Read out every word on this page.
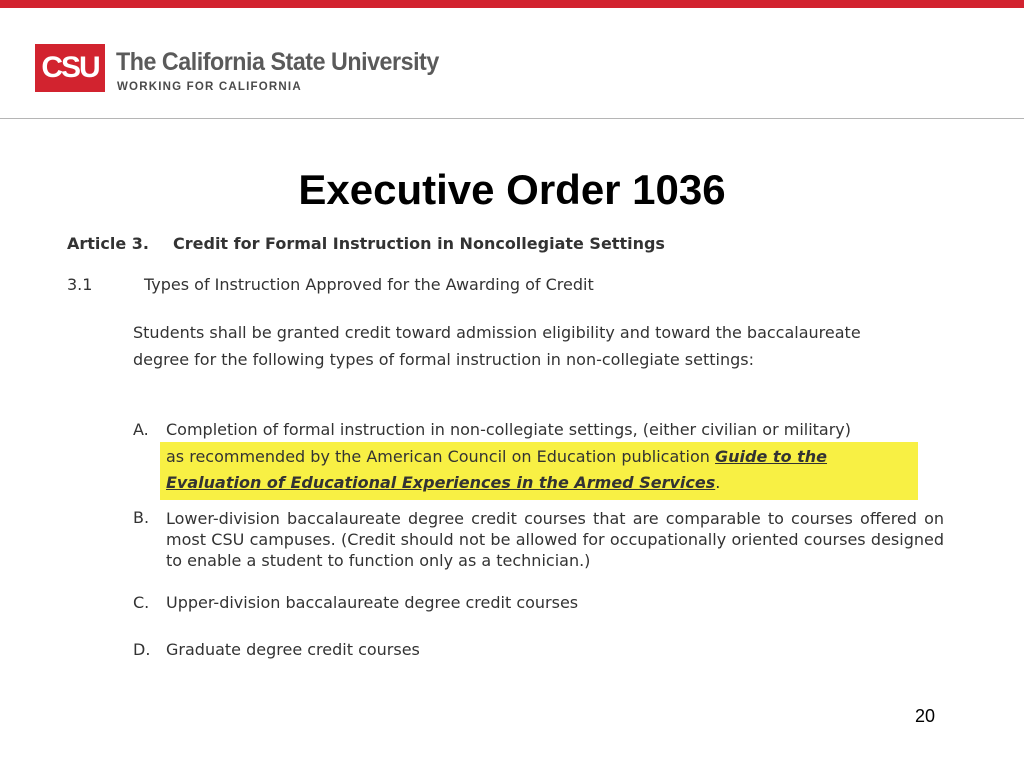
CSU The California State University
WORKING FOR CALIFORNIA
Executive Order 1036
Article 3. Credit for Formal Instruction in Noncollegiate Settings
3.1	Types of Instruction Approved for the Awarding of Credit
Students shall be granted credit toward admission eligibility and toward the baccalaureate degree for the following types of formal instruction in non-collegiate settings:
A. Completion of formal instruction in non-collegiate settings, (either civilian or military)
as recommended by the American Council on Education publication Guide to the
Evaluation of Educational Experiences in the Armed Services.
B. Lower-division baccalaureate degree credit courses that are comparable to courses offered on most CSU campuses. (Credit should not be allowed for occupationally oriented courses designed to enable a student to function only as a technician.)
C. Upper-division baccalaureate degree credit courses
D. Graduate degree credit courses
20
